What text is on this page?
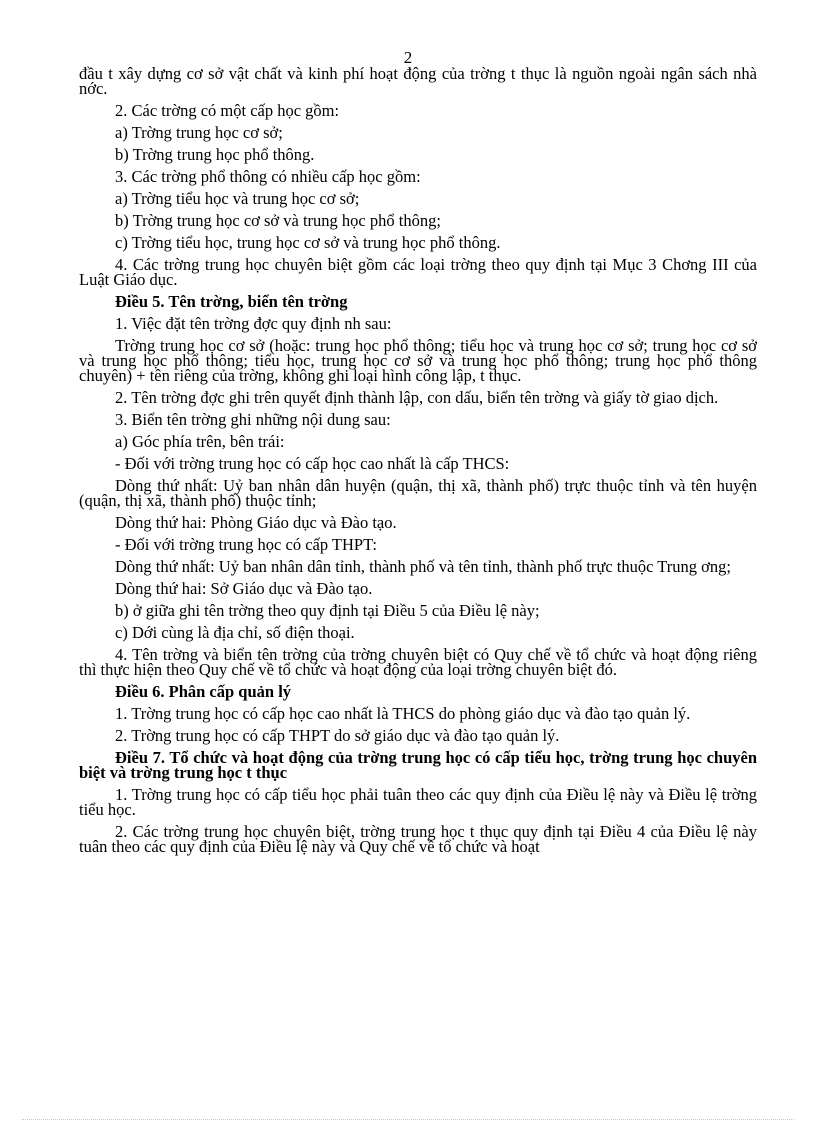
2

đầu t xây dựng cơ sở vật chất và kinh phí hoạt động của trờng t thục là nguồn ngoài ngân sách nhà nớc.

2. Các trờng có một cấp học gồm:

a) Trờng trung học cơ sở;

b) Trờng trung học phổ thông.

3. Các trờng phổ thông có nhiều cấp học gồm:

a) Trờng tiểu học và trung học cơ sở;

b) Trờng trung học cơ sở và trung học phổ thông;

c) Trờng tiểu học, trung học cơ sở và trung học phổ thông.

4. Các trờng trung học chuyên biệt gồm các loại trờng theo quy định tại Mục 3 Chơng III của Luật Giáo dục.

Điều 5. Tên trờng, biển tên trờng

1. Việc đặt tên trờng đợc quy định nh sau:

Trờng trung học cơ sở (hoặc: trung học phổ thông; tiểu học và trung học cơ sở; trung học cơ sở và trung học phổ thông; tiểu học, trung học cơ sở và trung học phổ thông; trung học phổ thông chuyên) + tên riêng của trờng, không ghi loại hình công lập, t thục.

2. Tên trờng đợc ghi trên quyết định thành lập, con dấu, biển tên trờng và giấy tờ giao dịch.

3. Biển tên trờng ghi những nội dung sau:

a) Góc phía trên, bên trái:

- Đối với trờng trung học có cấp học cao nhất là cấp THCS:

Dòng thứ nhất: Uỷ ban nhân dân huyện (quận, thị xã, thành phố) trực thuộc tỉnh và tên huyện (quận, thị xã, thành phố) thuộc tỉnh;

Dòng thứ hai: Phòng Giáo dục và Đào tạo.

- Đối với trờng trung học có cấp THPT:

Dòng thứ nhất: Uỷ ban nhân dân tỉnh, thành phố và tên tỉnh, thành phố trực thuộc Trung ơng;

Dòng thứ hai: Sở Giáo dục và Đào tạo.

b) ở giữa ghi tên trờng theo quy định tại Điều 5 của Điều lệ này;

c) Dới cùng là địa chỉ, số điện thoại.

4. Tên trờng và biển tên trờng của trờng chuyên biệt có Quy chế về tổ chức và hoạt động riêng thì thực hiện theo Quy chế về tổ chức và hoạt động của loại trờng chuyên biệt đó.

Điều 6. Phân cấp quản lý

1. Trờng trung học có cấp học cao nhất là THCS do phòng giáo dục và đào tạo quản lý.

2. Trờng trung học có cấp THPT do sở giáo dục và đào tạo quản lý.

Điều 7. Tổ chức và hoạt động của trờng trung học có cấp tiểu học, trờng trung học chuyên biệt và trờng trung học t thục

1. Trờng trung học có cấp tiểu học phải tuân theo các quy định của Điều lệ này và Điều lệ trờng tiểu học.

2. Các trờng trung học chuyên biệt, trờng trung học t thục quy định tại Điều 4 của Điều lệ này tuân theo các quy định của Điều lệ này và Quy chế về tổ chức và hoạt
